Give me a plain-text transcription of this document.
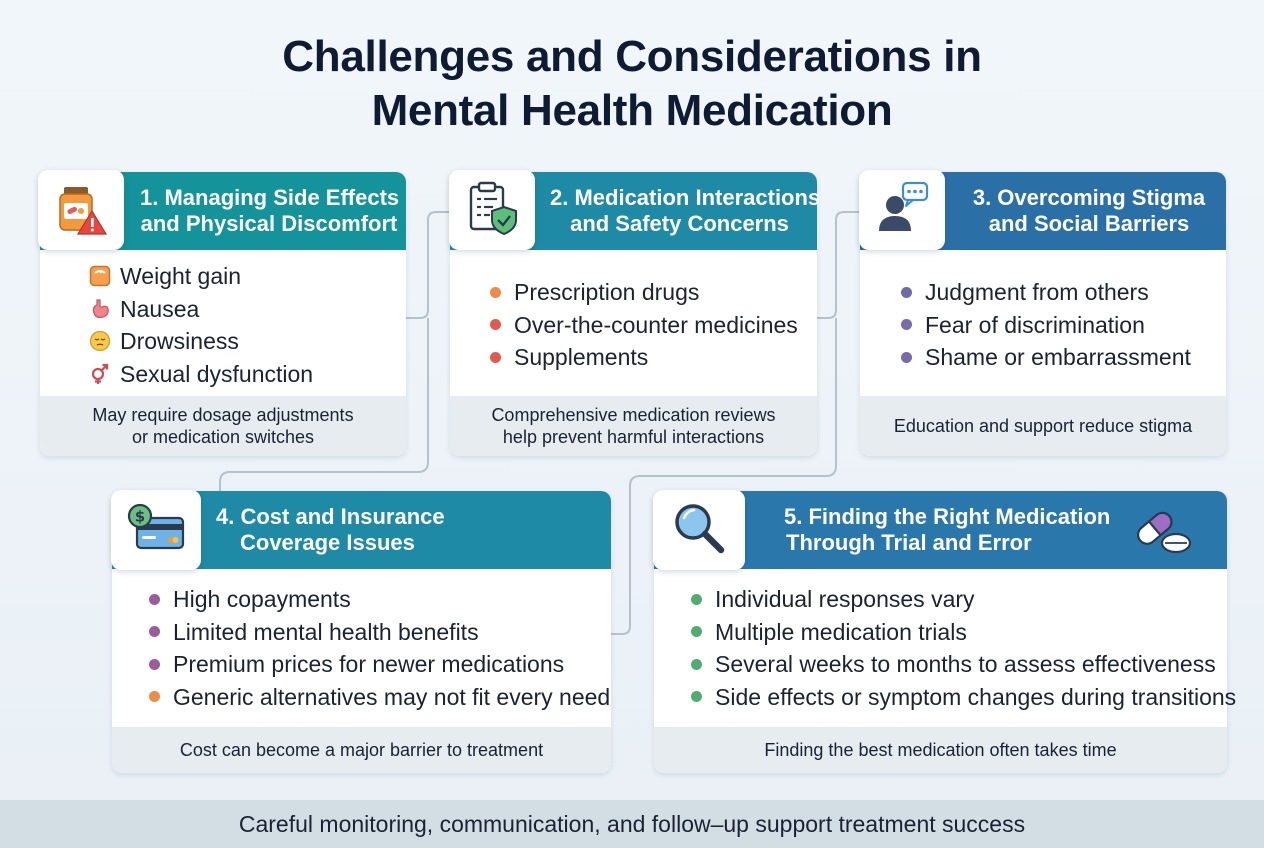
Challenges and Considerations in
Mental Health Medication
1. Managing Side Effects
and Physical Discomfort
Weight gain
Nausea
Drowsiness
Sexual dysfunction
May require dosage adjustments
or medication switches
2. Medication Interactions
and Safety Concerns
Prescription drugs
Over-the-counter medicines
Supplements
Comprehensive medication reviews
help prevent harmful interactions
3. Overcoming Stigma
and Social Barriers
Judgment from others
Fear of discrimination
Shame or embarrassment
Education and support reduce stigma
4. Cost and Insurance
Coverage Issues
High copayments
Limited mental health benefits
Premium prices for newer medications
Generic alternatives may not fit every need
Cost can become a major barrier to treatment
$	5. Finding the Right Medication
Through Trial and Error
Individual responses vary
Multiple medication trials
Several weeks to months to assess effectiveness
Side effects or symptom changes during transitions
Finding the best medication often takes time
Careful monitoring, communication, and follow–up support treatment success
